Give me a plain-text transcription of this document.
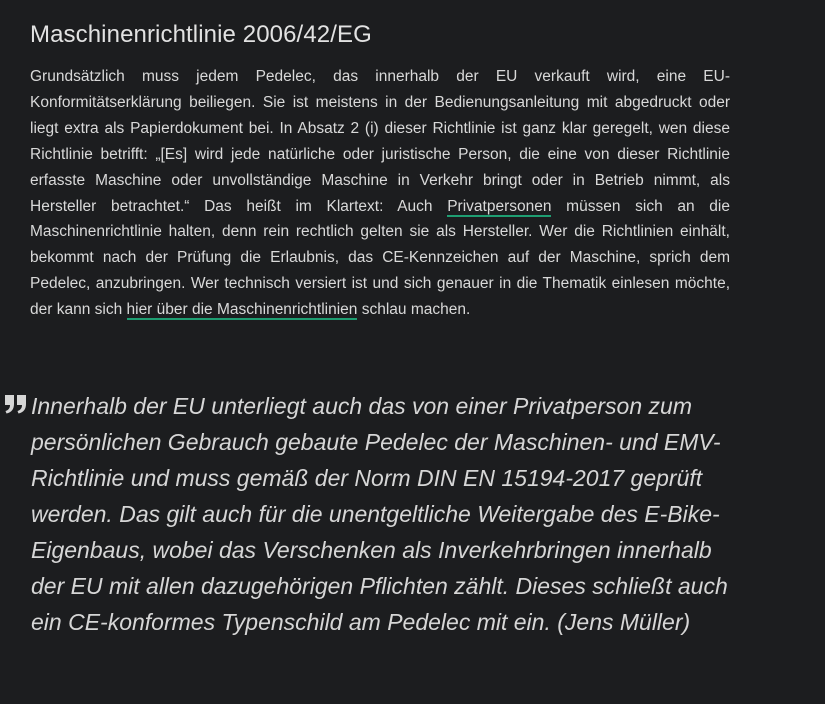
Maschinenrichtlinie 2006/42/EG

Grundsätzlich muss jedem Pedelec, das innerhalb der EU verkauft wird, eine EU-Konformitätserklärung beiliegen. Sie ist meistens in der Bedienungsanleitung mit abgedruckt oder liegt extra als Papierdokument bei. In Absatz 2 (i) dieser Richtlinie ist ganz klar geregelt, wen diese Richtlinie betrifft: „[Es] wird jede natürliche oder juristische Person, die eine von dieser Richtlinie erfasste Maschine oder unvollständige Maschine in Verkehr bringt oder in Betrieb nimmt, als Hersteller betrachtet.“ Das heißt im Klartext: Auch Privatpersonen müssen sich an die Maschinenrichtlinie halten, denn rein rechtlich gelten sie als Hersteller. Wer die Richtlinien einhält, bekommt nach der Prüfung die Erlaubnis, das CE-Kennzeichen auf der Maschine, sprich dem Pedelec, anzubringen. Wer technisch versiert ist und sich genauer in die Thematik einlesen möchte, der kann sich hier über die Maschinenrichtlinien schlau machen.

Innerhalb der EU unterliegt auch das von einer Privatperson zum persönlichen Gebrauch gebaute Pedelec der Maschinen- und EMV-Richtlinie und muss gemäß der Norm DIN EN 15194-2017 geprüft werden. Das gilt auch für die unentgeltliche Weitergabe des E-Bike-Eigenbaus, wobei das Verschenken als Inverkehrbringen innerhalb der EU mit allen dazugehörigen Pflichten zählt. Dieses schließt auch ein CE-konformes Typenschild am Pedelec mit ein. (Jens Müller)
